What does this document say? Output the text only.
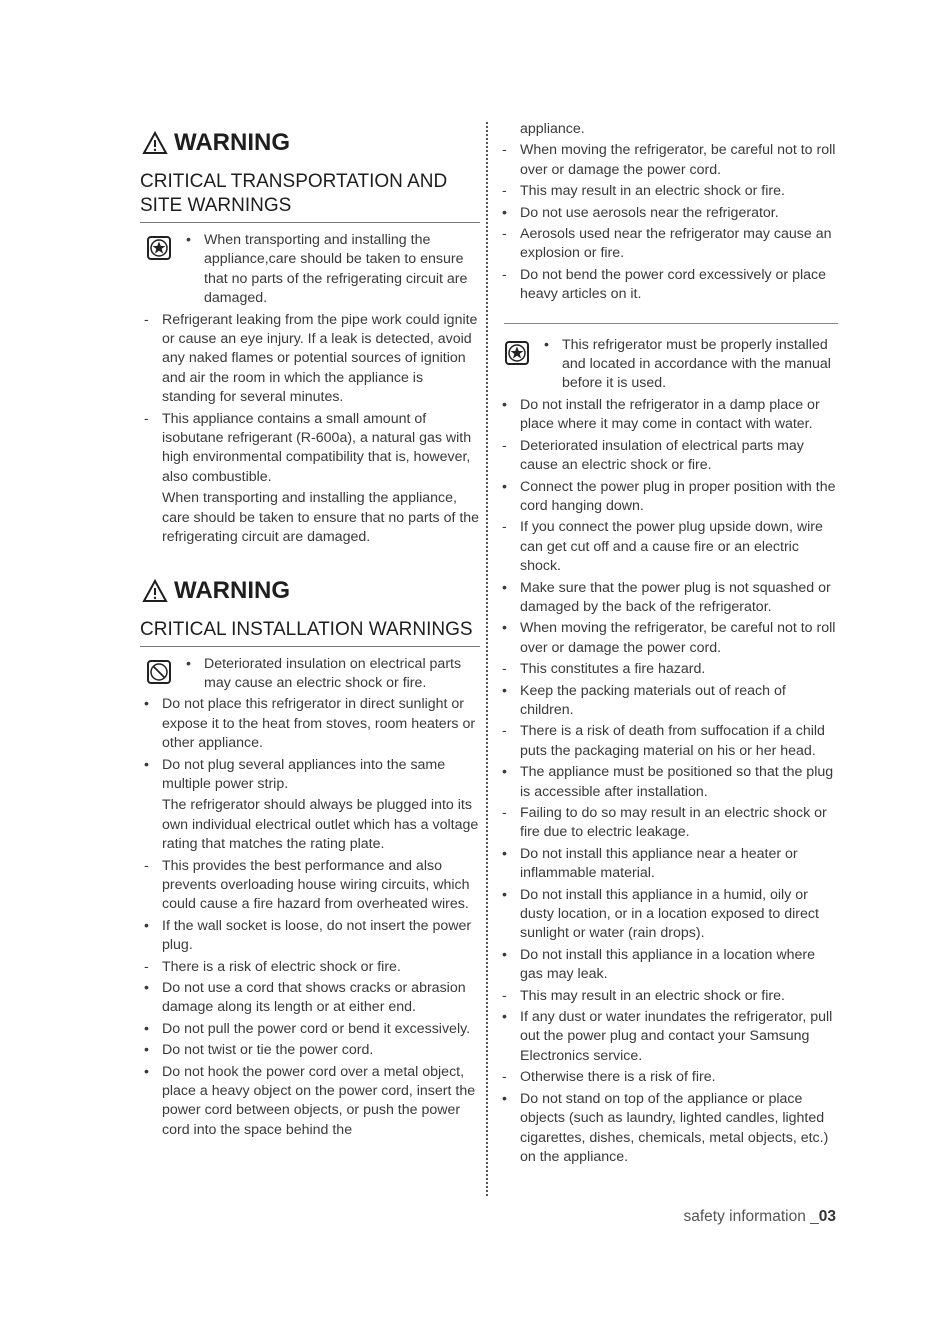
WARNING
CRITICAL TRANSPORTATION AND
SITE WARNINGS
• When transporting and installing the appliance,care should be taken to ensure that no parts of the refrigerating circuit are damaged.
- Refrigerant leaking from the pipe work could ignite or cause an eye injury. If a leak is detected, avoid any naked flames or potential sources of ignition and air the room in which the appliance is standing for several minutes.
- This appliance contains a small amount of isobutane refrigerant (R-600a), a natural gas with high environmental compatibility that is, however, also combustible.
When transporting and installing the appliance, care should be taken to ensure that no parts of the refrigerating circuit are damaged.
WARNING
CRITICAL INSTALLATION WARNINGS
• Deteriorated insulation on electrical parts may cause an electric shock or fire.
• Do not place this refrigerator in direct sunlight or expose it to the heat from stoves, room heaters or other appliance.
• Do not plug several appliances into the same multiple power strip.
The refrigerator should always be plugged into its own individual electrical outlet which has a voltage rating that matches the rating plate.
- This provides the best performance and also prevents overloading house wiring circuits, which could cause a fire hazard from overheated wires.
• If the wall socket is loose, do not insert the power plug.
- There is a risk of electric shock or fire.
• Do not use a cord that shows cracks or abrasion damage along its length or at either end.
• Do not pull the power cord or bend it excessively.
• Do not twist or tie the power cord.
• Do not hook the power cord over a metal object, place a heavy object on the power cord, insert the power cord between objects, or push the power cord into the space behind the
appliance.
- When moving the refrigerator, be careful not to roll over or damage the power cord.
- This may result in an electric shock or fire.
• Do not use aerosols near the refrigerator.
- Aerosols used near the refrigerator may cause an explosion or fire.
- Do not bend the power cord excessively or place heavy articles on it.
• This refrigerator must be properly installed and located in accordance with the manual before it is used.
• Do not install the refrigerator in a damp place or place where it may come in contact with water.
- Deteriorated insulation of electrical parts may cause an electric shock or fire.
• Connect the power plug in proper position with the cord hanging down.
- If you connect the power plug upside down, wire can get cut off and a cause fire or an electric shock.
• Make sure that the power plug is not squashed or damaged by the back of the refrigerator.
• When moving the refrigerator, be careful not to roll over or damage the power cord.
- This constitutes a fire hazard.
• Keep the packing materials out of reach of children.
- There is a risk of death from suffocation if a child puts the packaging material on his or her head.
• The appliance must be positioned so that the plug is accessible after installation.
- Failing to do so may result in an electric shock or fire due to electric leakage.
• Do not install this appliance near a heater or inflammable material.
• Do not install this appliance in a humid, oily or dusty location, or in a location exposed to direct sunlight or water (rain drops).
• Do not install this appliance in a location where gas may leak.
- This may result in an electric shock or fire.
• If any dust or water inundates the refrigerator, pull out the power plug and contact your Samsung Electronics service.
- Otherwise there is a risk of fire.
• Do not stand on top of the appliance or place objects (such as laundry, lighted candles, lighted cigarettes, dishes, chemicals, metal objects, etc.) on the appliance.
safety information _03
